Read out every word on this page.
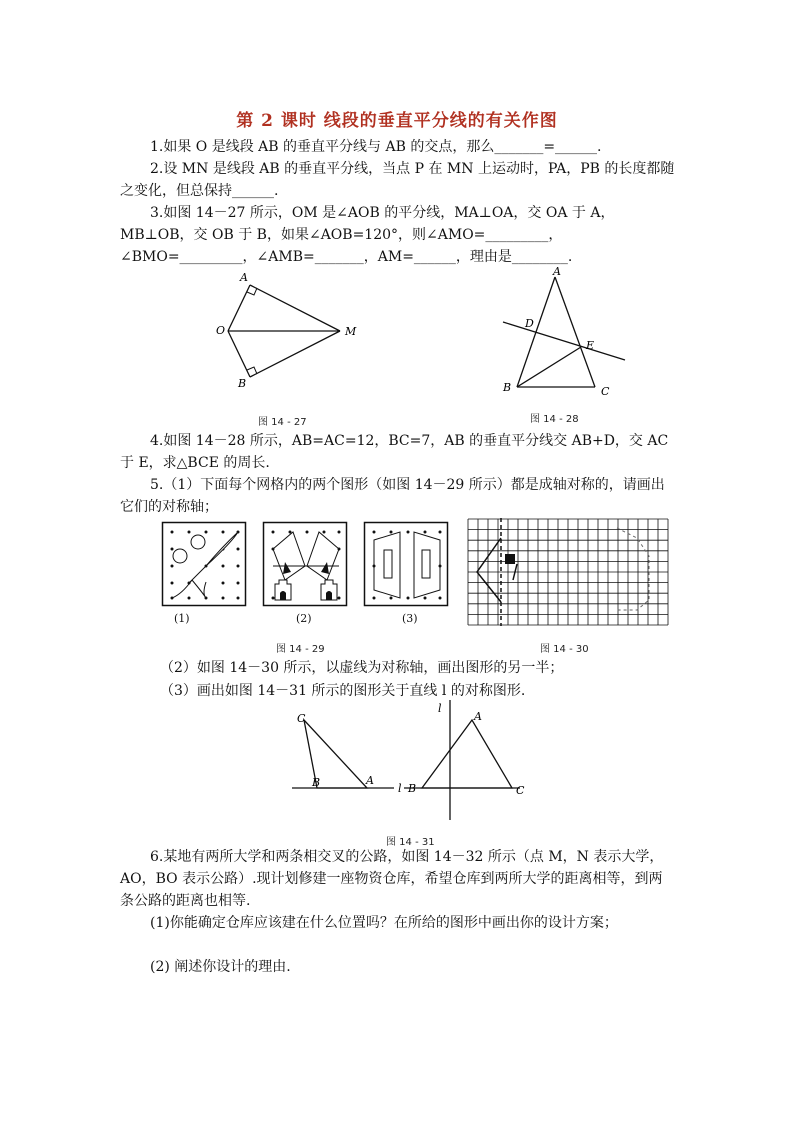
第 2 课时 线段的垂直平分线的有关作图
1.如果 O 是线段 AB 的垂直平分线与 AB 的交点，那么_______=______.
2.设 MN 是线段 AB 的垂直平分线，当点 P 在 MN 上运动时，PA，PB 的长度都随之变化，但总保持______.
3.如图 14－27 所示，OM 是∠AOB 的平分线，MA⊥OA，交 OA 于 A，MB⊥OB，交 OB 于 B，如果∠AOB=120°，则∠AMO=_________，∠BMO=_________，∠AMB=_______，AM=______，理由是________.
A
O	M
B
图 14 - 27
A
D
E
B	C
图 14 - 28
4.如图 14－28 所示，AB=AC=12，BC=7，AB 的垂直平分线交 AB+D，交 AC 于 E，求△BCE 的周长.
5.（1）下面每个网格内的两个图形（如图 14－29 所示）都是成轴对称的，请画出它们的对称轴；
(1)	(2)	(3)
图 14 - 29	图 14 - 30
（2）如图 14－30 所示，以虚线为对称轴，画出图形的另一半；
（3）画出如图 14－31 所示的图形关于直线 l 的对称图形.
C
B	A
l
l
A
B	C
图 14 - 31
6.某地有两所大学和两条相交叉的公路，如图 14－32 所示（点 M，N 表示大学，AO，BO 表示公路）.现计划修建一座物资仓库，希望仓库到两所大学的距离相等，到两条公路的距离也相等.
(1)你能确定仓库应该建在什么位置吗？在所给的图形中画出你的设计方案；
(2) 阐述你设计的理由.
